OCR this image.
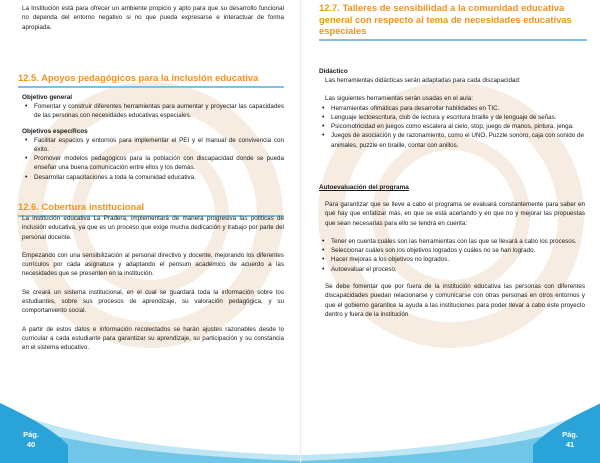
La Institución está para ofrecer un ambiente propicio y apto para que su desarrollo funcional no dependa del entorno negativo si no que pueda expresarse e interactuar de forma apropiada.

12.5. Apoyos pedagógicos para la inclusión educativa
Objetivo general
• Fomentar y construir diferentes herramientas para aumentar y proyectar las capacidades de las personas con necesidades educativas especiales.
Objetivos específicos
• Facilitar espacios y entornos para implementar el PEI y el manual de convivencia con éxito.
• Promover modelos pedagógicos para la población con discapacidad donde se pueda enseñar una buena comunicación entre ellos y los demás.
• Desarrollar capacitaciones a toda la comunidad educativa.
12.6. Cobertura institucional

La institución educativa La Pradera, implementará de manera progresiva las políticas de inclusión educativa, ya que es un proceso que exige mucha dedicación y trabajo por parte del personal docente.

Empezando con una sensibilización al personal directivo y docente, mejorando los diferentes currículos por cada asignatura y adaptando el pensum académico de acuerdo a las necesidades que se presenten en la institución.

Se creará un sistema institucional, en el cual se guardará toda la información sobre los estudiantes, sobre sus procesos de aprendizaje, su valoración pedagógica, y su comportamiento social.

A partir de estos datos e información recolectados se harán ajustes razonables desde lo curricular a cada estudiante para garantizar su aprendizaje, su participación y su constancia en el sistema educativo.

Pág.
40
12.7. Talleres de sensibilidad a la comunidad educativa general con respecto al tema de necesidades educativas especiales
Didáctico

Las herramientas didácticas serán adaptadas para cada discapacidad:

Las siguientes herramientas serán usadas en el aula:

• Herramientas ofimáticas para desarrollar habilidades en TIC.
• Lenguaje lectoescritura, club de lectura y escritura braille y de lenguaje de señas.
• Psicomotricidad en juegos como escalera al cielo, stop, juego de manos, pintura, jenga.
• Juegos de asociación y de razonamiento, como el UNO, Puzzle sonoro, caja con sonido de animales, puzzle en braille, contar con anillos.
Autoevaluación del programa

Para garantizar que se lleve a cabo el programa se evaluará constantemente para saber en qué hay que enfatizar más, en que se está acertando y en que no y mejorar las propuestas que sean necesarias para ello se tendrá en cuenta:

• Tener en cuenta cuáles son las herramientas con las que se llevará a cabo los procesos.
• Seleccionar cuáles son los objetivos logrados y cuáles no se han logrado.
• Hacer mejoras a los objetivos no logrados.
• Autoevaluar el proceso.

Se debe fomentar que por fuera de la institución educativa las personas con diferentes discapacidades puedan relacionarse y comunicarse con otras personas en otros entornos y que el gobierno garantice la ayuda a las instituciones para poder llevar a cabo este proyecto dentro y fuera de la institución

Pág.
41
